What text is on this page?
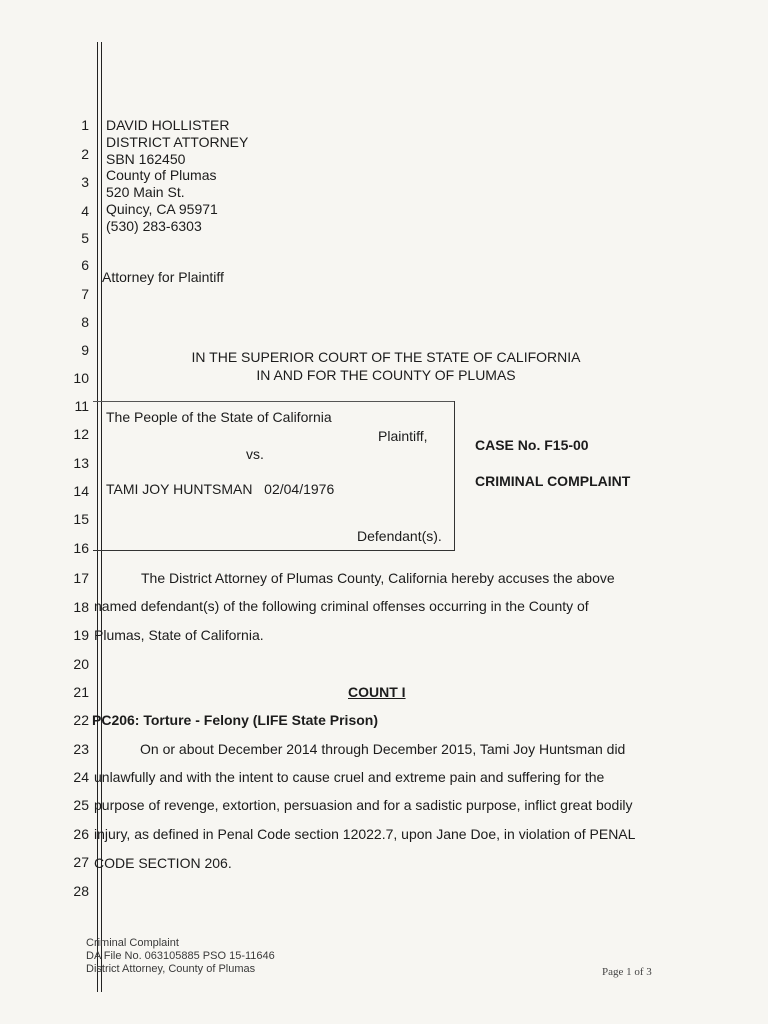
1
2
3
4
5
6
7
8
9
10
11
12
13
14
15
16
17
18
19
20
21
22
23
24
25
26
27
28
DAVID HOLLISTER
DISTRICT ATTORNEY
SBN 162450
County of Plumas
520 Main St.
Quincy, CA 95971
(530) 283-6303
Attorney for Plaintiff
IN THE SUPERIOR COURT OF THE STATE OF CALIFORNIA
IN AND FOR THE COUNTY OF PLUMAS
The People of the State of California
Plaintiff,
vs.
TAMI JOY HUNTSMAN   02/04/1976
Defendant(s).
CASE No. F15-00
CRIMINAL COMPLAINT
The District Attorney of Plumas County, California hereby accuses the above
named defendant(s) of the following criminal offenses occurring in the County of
Plumas, State of California.
COUNT I
PC206: Torture - Felony (LIFE State Prison)
On or about December 2014 through December 2015, Tami Joy Huntsman did
unlawfully and with the intent to cause cruel and extreme pain and suffering for the
purpose of revenge, extortion, persuasion and for a sadistic purpose, inflict great bodily
injury, as defined in Penal Code section 12022.7, upon Jane Doe, in violation of PENAL
CODE SECTION 206.
Criminal Complaint
DA File No. 063105885 PSO 15-11646
District Attorney, County of Plumas	Page 1 of 3
